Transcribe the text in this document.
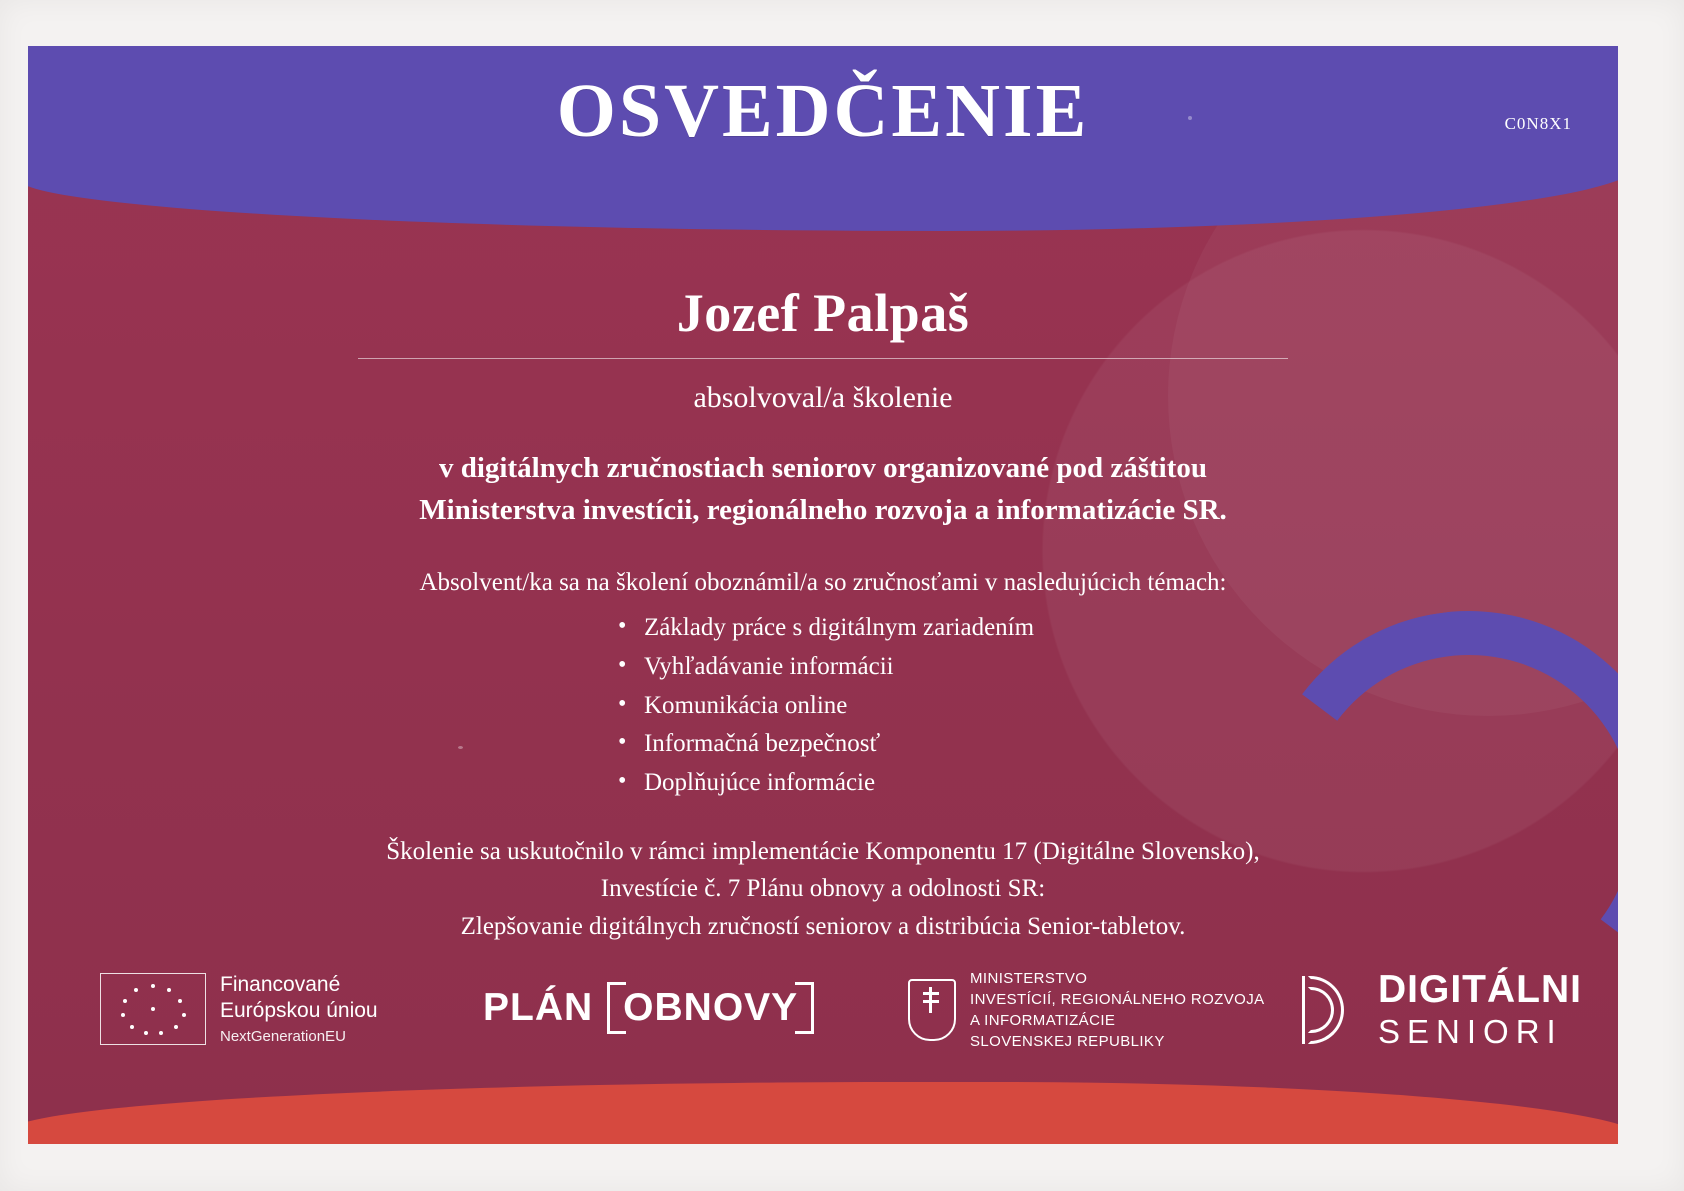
OSVEDČENIE	C0N8X1
Jozef Palpaš
absolvoval/a školenie
v digitálnych zručnostiach seniorov organizované pod záštitou
Ministerstva investícii, regionálneho rozvoja a informatizácie SR.
Absolvent/ka sa na školení oboznámil/a so zručnosťami v nasledujúcich témach:
• Základy práce s digitálnym zariadením
• Vyhľadávanie informácii
• Komunikácia online
• Informačná bezpečnosť
• Doplňujúce informácie
Školenie sa uskutočnilo v rámci implementácie Komponentu 17 (Digitálne Slovensko),
Investície č. 7 Plánu obnovy a odolnosti SR:
Zlepšovanie digitálnych zručností seniorov a distribúcia Senior-tabletov.
Financované
Európskou úniou
NextGenerationEU
PLÁN OBNOVY
MINISTERSTVO
INVESTÍCIÍ, REGIONÁLNEHO ROZVOJA
A INFORMATIZÁCIE
SLOVENSKEJ REPUBLIKY
DIGITÁLNI
SENIORI
